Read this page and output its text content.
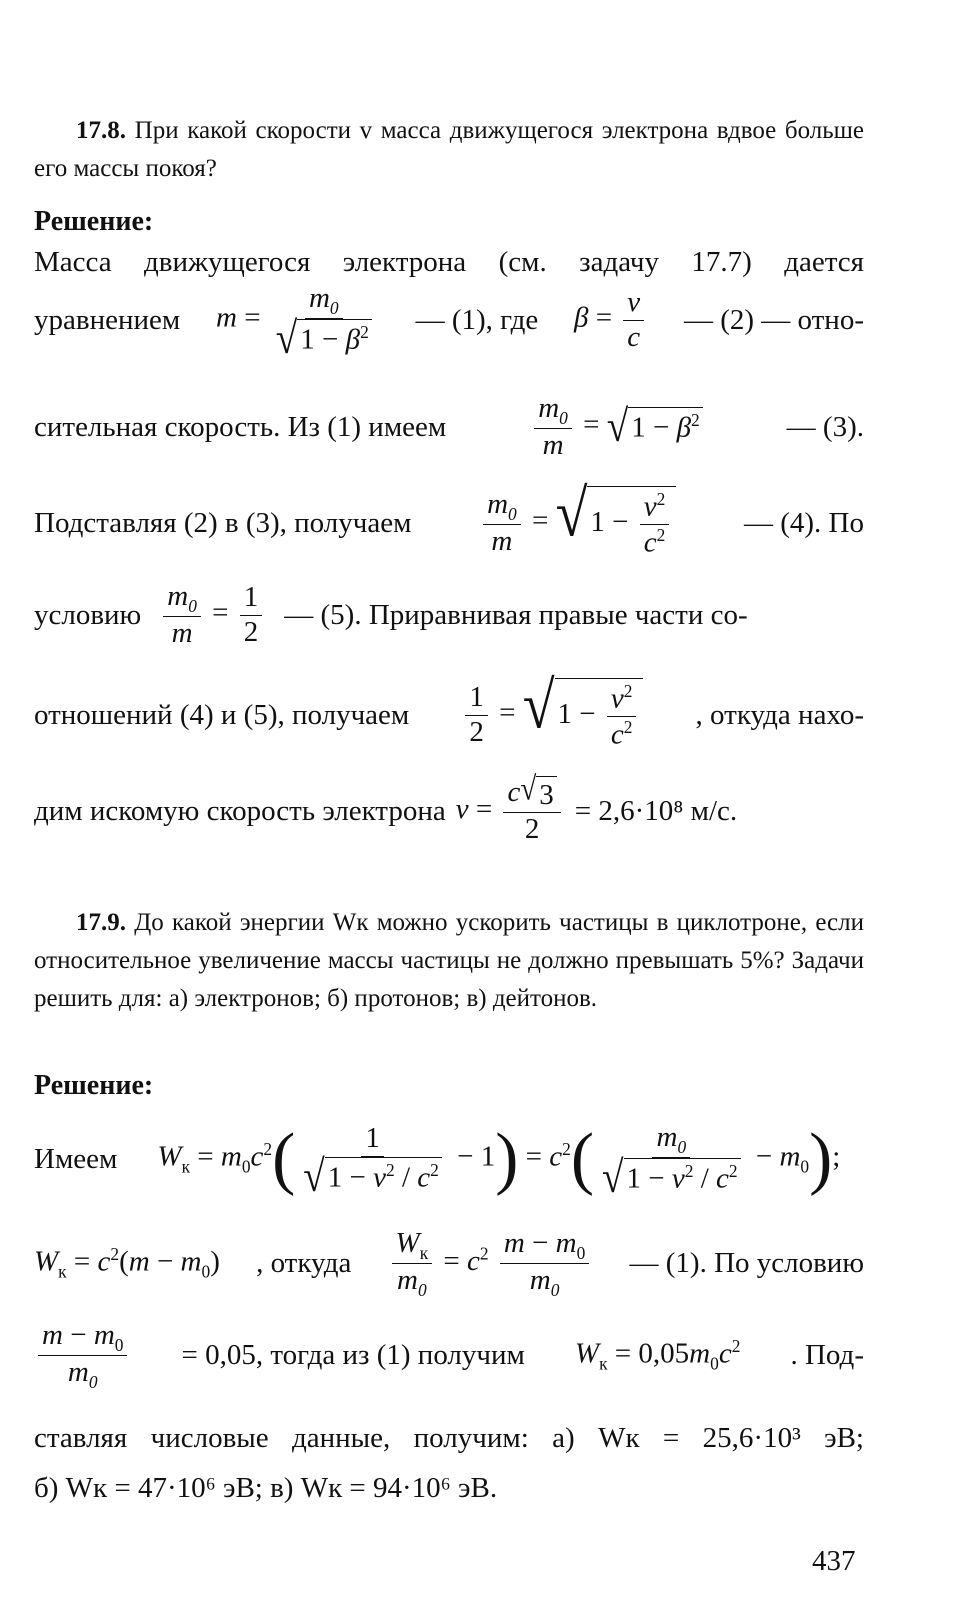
17.8. При какой скорости v масса движущегося электрона вдвое больше его массы покоя?

Решение:

Масса движущегося электрона (см. задачу 17.7) дается

уравнением $m = \frac{m_0}{√ 1 - \beta^2}$ — (1), где $\beta = \frac{v}{c}$ — (2) — отно-
сительная скорость. Из (1) имеем	$\frac{m_0}{m}$ = √ $1 - \beta^2$	— (3).
Подставляя (2) в (3), получаем $\frac{m_0}{m}$ = √ $1 - \frac{v^2}{c^2}$	— (4). По
условию $\frac{m_0}{m} = \frac{1}{2}$ — (5). Приравнивая правые части со-
отношений (4) и (5), получаем $\frac{1}{2}$ = √ $1 - \frac{v^2}{c^2}$ , откуда нахо-
дим искомую скорость электрона $v = \frac{c √ 3}{2} = 2,6\cdot 10^8$ м/с.

17.9. До какой энергии Wк можно ускорить частицы в циклотроне, если относительное увеличение массы частицы не должно превышать 5%? Задачи решить для: а) электронов; б) протонов; в) дейтонов.

Решение:
Имеем $W_к = m_0c^2( \frac{1}{√ 1 - v^2 / c^2} - 1) = c^2( \frac{m_0}{√ 1 - v^2 / c^2} - m_0)$;
$W_к = c^2(m - m_0)$ , откуда $\frac{W_к}{m_0} = c^2 \frac{m - m_0}{m_0}$ — (1). По условию
$\frac{m - m_0}{m_0} = 0,05$, тогда из (1) получим $W_к = 0,05m_0c^2$ . Под-

ставляя числовые данные, получим: а) Wк = 25,6·10³ эВ;

б) Wк = 47·10⁶ эВ; в) Wк = 94·10⁶ эВ.

437
